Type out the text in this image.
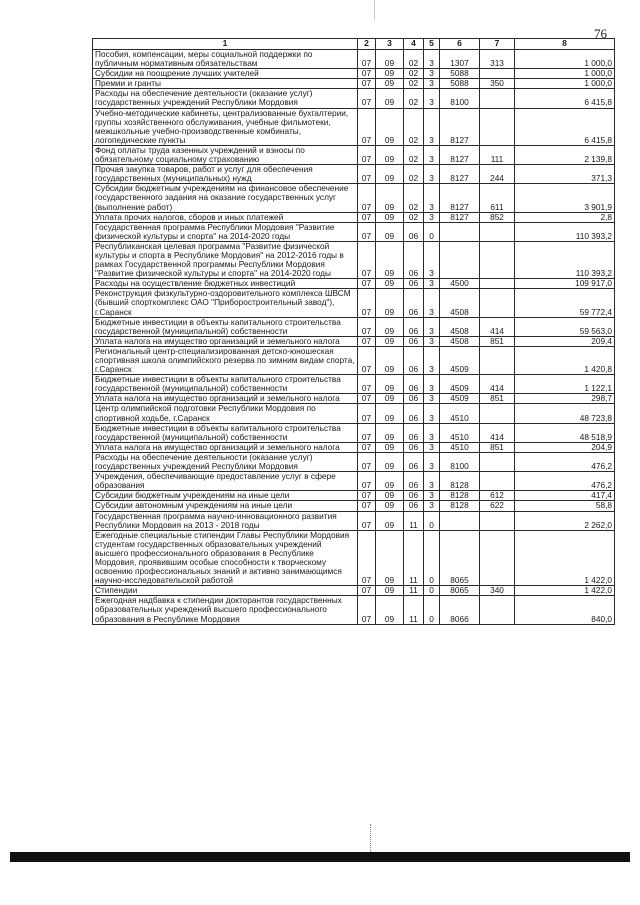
76
1	2	3	4	5	6	7	8
Пособия, компенсации, меры социальной поддержки по публичным нормативным обязательствам	07	09	02	3	1307	313	1 000,0
Субсидии на поощрение лучших учителей	07	09	02	3	5088		1 000,0
Премии и гранты	07	09	02	3	5088	350	1 000,0
Расходы на обеспечение деятельности (оказание услуг) государственных учреждений Республики Мордовия	07	09	02	3	8100		6 415,8
Учебно-методические кабинеты, централизованные бухгалтерии, группы хозяйственного обслуживания, учебные фильмотеки, межшкольные учебно-производственные комбинаты, логопедические пункты	07	09	02	3	8127		6 415,8
Фонд оплаты труда казенных учреждений и взносы по обязательному социальному страхованию	07	09	02	3	8127	111	2 139,8
Прочая закупка товаров, работ и услуг для обеспечения государственных (муниципальных) нужд	07	09	02	3	8127	244	371,3
Субсидии бюджетным учреждениям на финансовое обеспечение государственного задания на оказание государственных услуг (выполнение работ)	07	09	02	3	8127	611	3 901,9
Уплата прочих налогов, сборов и иных платежей	07	09	02	3	8127	852	2,8
Государственная программа Республики Мордовия "Развитие физической культуры и спорта" на 2014-2020 годы	07	09	06	0			110 393,2
Республиканская целевая программа "Развитие физической культуры и спорта в Республике Мордовия" на 2012-2016 годы в рамках Государственной программы Республики Мордовия "Развитие физической культуры и спорта" на 2014-2020 годы	07	09	06	3			110 393,2
Расходы на осуществление бюджетных инвестиций	07	09	06	3	4500		109 917,0
Реконструкция физкультурно-оздоровительного комплекса ШВСМ (бывший спорткомплекс ОАО "Приборостроительный завод"), г.Саранск	07	09	06	3	4508		59 772,4
Бюджетные инвестиции в объекты капитального строительства государственной (муниципальной) собственности	07	09	06	3	4508	414	59 563,0
Уплата налога на имущество организаций и земельного налога	07	09	06	3	4508	851	209,4
Региональный центр-специализированная детско-юношеская спортивная школа олимпийского резерва по зимним видам спорта, г.Саранск	07	09	06	3	4509		1 420,8
Бюджетные инвестиции в объекты капитального строительства государственной (муниципальной) собственности	07	09	06	3	4509	414	1 122,1
Уплата налога на имущество организаций и земельного налога	07	09	06	3	4509	851	298,7
Центр олимпийской подготовки Республики Мордовия по спортивной ходьбе, г.Саранск	07	09	06	3	4510		48 723,8
Бюджетные инвестиции в объекты капитального строительства государственной (муниципальной) собственности	07	09	06	3	4510	414	48 518,9
Уплата налога на имущество организаций и земельного налога	07	09	06	3	4510	851	204,9
Расходы на обеспечение деятельности (оказание услуг) государственных учреждений Республики Мордовия	07	09	06	3	8100		476,2
Учреждения, обеспечивающие предоставление услуг в сфере образования	07	09	06	3	8128		476,2
Субсидии бюджетным учреждениям на иные цели	07	09	06	3	8128	612	417,4
Субсидии автономным учреждениям на иные цели	07	09	06	3	8128	622	58,8
Государственная программа научно-инновационного развития Республики Мордовия на 2013 - 2018 годы	07	09	11	0			2 262,0
Ежегодные специальные стипендии Главы Республики Мордовия студентам государственных образовательных учреждений высшего профессионального образования в Республике Мордовия, проявившим особые способности к творческому освоению профессиональных знаний и активно занимающимся научно-исследовательской работой	07	09	11	0	8065		1 422,0
Стипендии	07	09	11	0	8065	340	1 422,0
Ежегодная надбавка к стипендии докторантов государственных образовательных учреждений высшего профессионального образования в Республике Мордовия	07	09	11	0	8066		840,0
